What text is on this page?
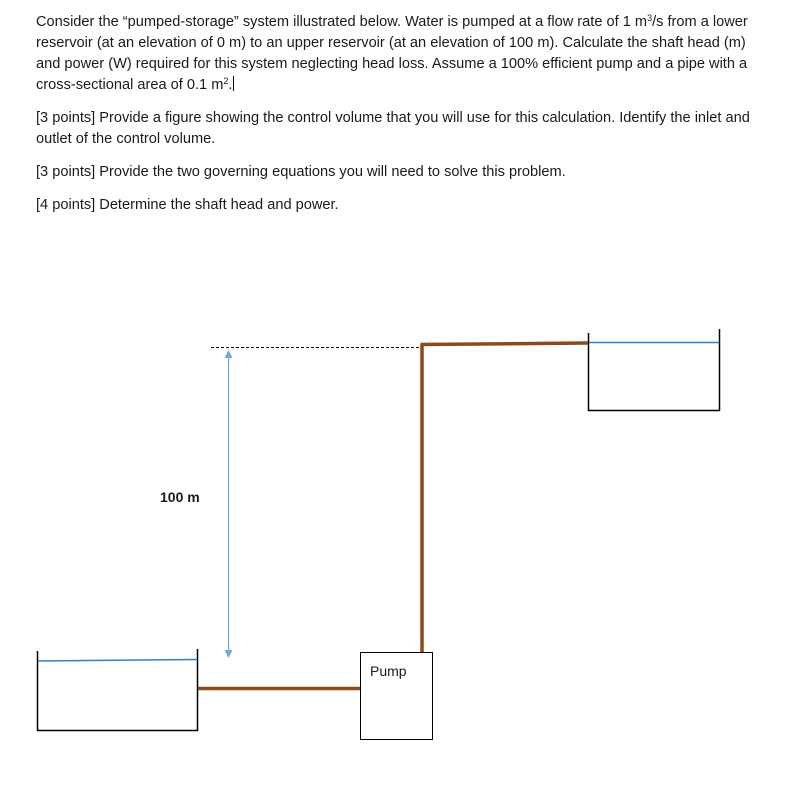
Consider the “pumped-storage” system illustrated below. Water is pumped at a flow rate of 1 $m^3/s$ from a lower reservoir (at an elevation of 0 m) to an upper reservoir (at an elevation of 100 m). Calculate the shaft head (m) and power (W) required for this system neglecting head loss. Assume a 100% efficient pump and a pipe with a cross-sectional area of 0.1 $m^2$.

[3 points] Provide a figure showing the control volume that you will use for this calculation. Identify the inlet and outlet of the control volume.

[3 points] Provide the two governing equations you will need to solve this problem.

[4 points] Determine the shaft head and power.

Pump
100 m
